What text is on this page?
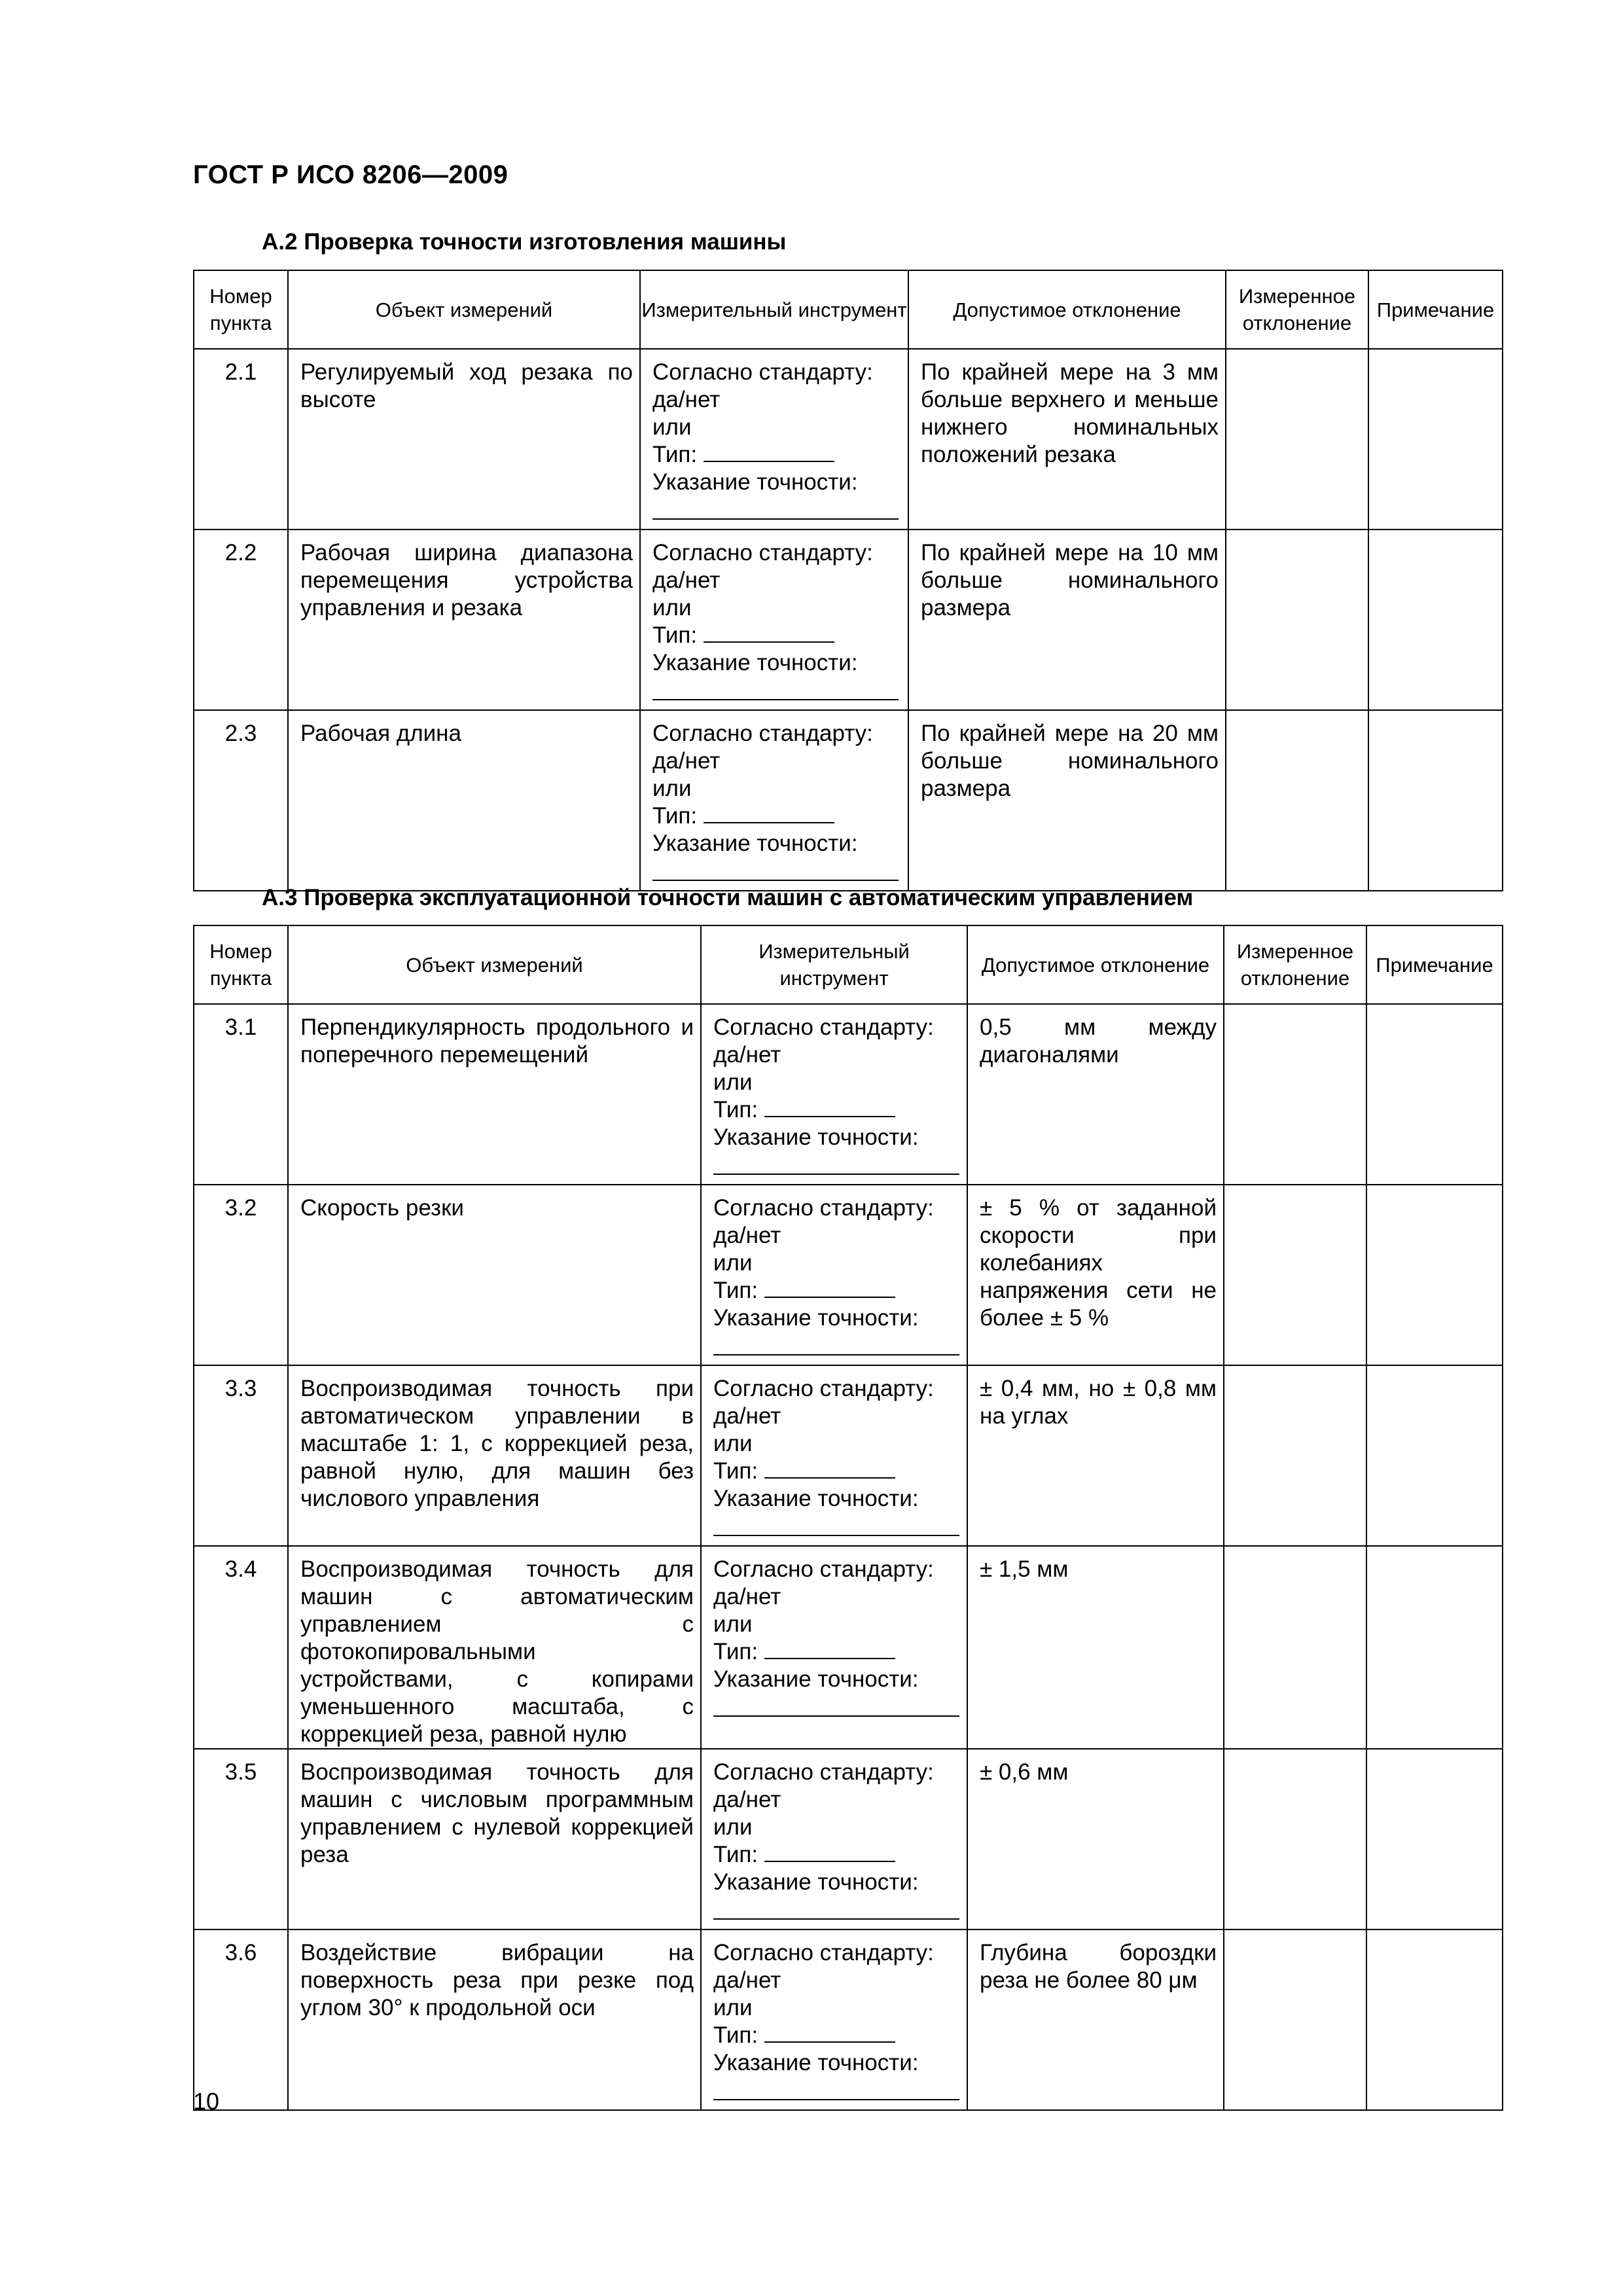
ГОСТ Р ИСО 8206—2009
А.2 Проверка точности изготовления машины
Номер пункта	Объект измерений	Измерительный инструмент	Допустимое отклонение	Измеренное отклонение	Примечание
2.1	Регулируемый ход резака по высоте	Согласно стандарту:
да/нет
или
Тип:
Указание точности:	По крайней мере на 3 мм больше верхнего и меньше нижнего номинальных положений резака		
2.2	Рабочая ширина диапазона перемещения устройства управления и резака	Согласно стандарту:
да/нет
или
Тип:
Указание точности:	По крайней мере на 10 мм больше номинального размера		
2.3	Рабочая длина	Согласно стандарту:
да/нет
или
Тип:
Указание точности:	По крайней мере на 20 мм больше номинального размера		
А.3 Проверка эксплуатационной точности машин с автоматическим управлением
Номер пункта	Объект измерений	Измерительный инструмент	Допустимое отклонение	Измеренное отклонение	Примечание
3.1	Перпендикулярность продольного и поперечного перемещений	Согласно стандарту:
да/нет
или
Тип:
Указание точности:	0,5 мм между диагоналями		
3.2	Скорость резки	Согласно стандарту:
да/нет
или
Тип:
Указание точности:	± 5 % от заданной скорости при колебаниях напряжения сети не более ± 5 %		
3.3	Воспроизводимая точность при автоматическом управлении в масштабе 1: 1, с коррекцией реза, равной нулю, для машин без числового управления	Согласно стандарту:
да/нет
или
Тип:
Указание точности:	± 0,4 мм, но ± 0,8 мм на углах		
3.4	Воспроизводимая точность для машин с автоматическим управлением с фотокопировальными устройствами, с копирами уменьшенного масштаба, с коррекцией реза, равной нулю	Согласно стандарту:
да/нет
или
Тип:
Указание точности:	± 1,5 мм		
3.5	Воспроизводимая точность для машин с числовым программным управлением с нулевой коррекцией реза	Согласно стандарту:
да/нет
или
Тип:
Указание точности:	± 0,6 мм		
3.6	Воздействие вибрации на поверхность реза при резке под углом 30° к продольной оси	Согласно стандарту:
да/нет
или
Тип:
Указание точности:	Глубина бороздки реза не более 80 μм		
10
